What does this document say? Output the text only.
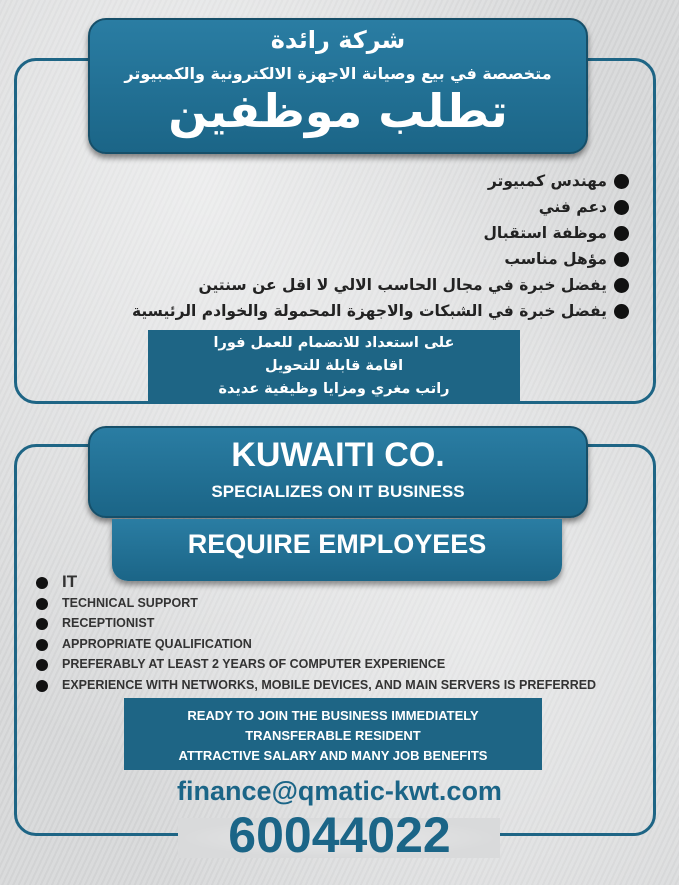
شركة رائدة
متخصصة في بيع وصيانة الاجهزة الالكترونية والكمبيوتر
تطلب موظفين
مهندس كمبيوتر
دعم فني
موظفة استقبال
مؤهل مناسب
يفضل خبرة في مجال الحاسب الالي لا اقل عن سنتين
يفضل خبرة في الشبكات والاجهزة المحمولة والخوادم الرئيسية
على استعداد للانضمام للعمل فورا
اقامة قابلة للتحويل
راتب مغري ومزايا وظيفية عديدة
KUWAITI CO.
SPECIALIZES ON IT BUSINESS
REQUIRE EMPLOYEES
IT
TECHNICAL SUPPORT
RECEPTIONIST
APPROPRIATE QUALIFICATION
PREFERABLY AT LEAST 2 YEARS OF COMPUTER EXPERIENCE
EXPERIENCE WITH NETWORKS, MOBILE DEVICES, AND MAIN SERVERS IS PREFERRED
READY TO JOIN THE BUSINESS IMMEDIATELY
TRANSFERABLE RESIDENT
ATTRACTIVE SALARY AND MANY JOB BENEFITS
finance@qmatic-kwt.com
60044022
